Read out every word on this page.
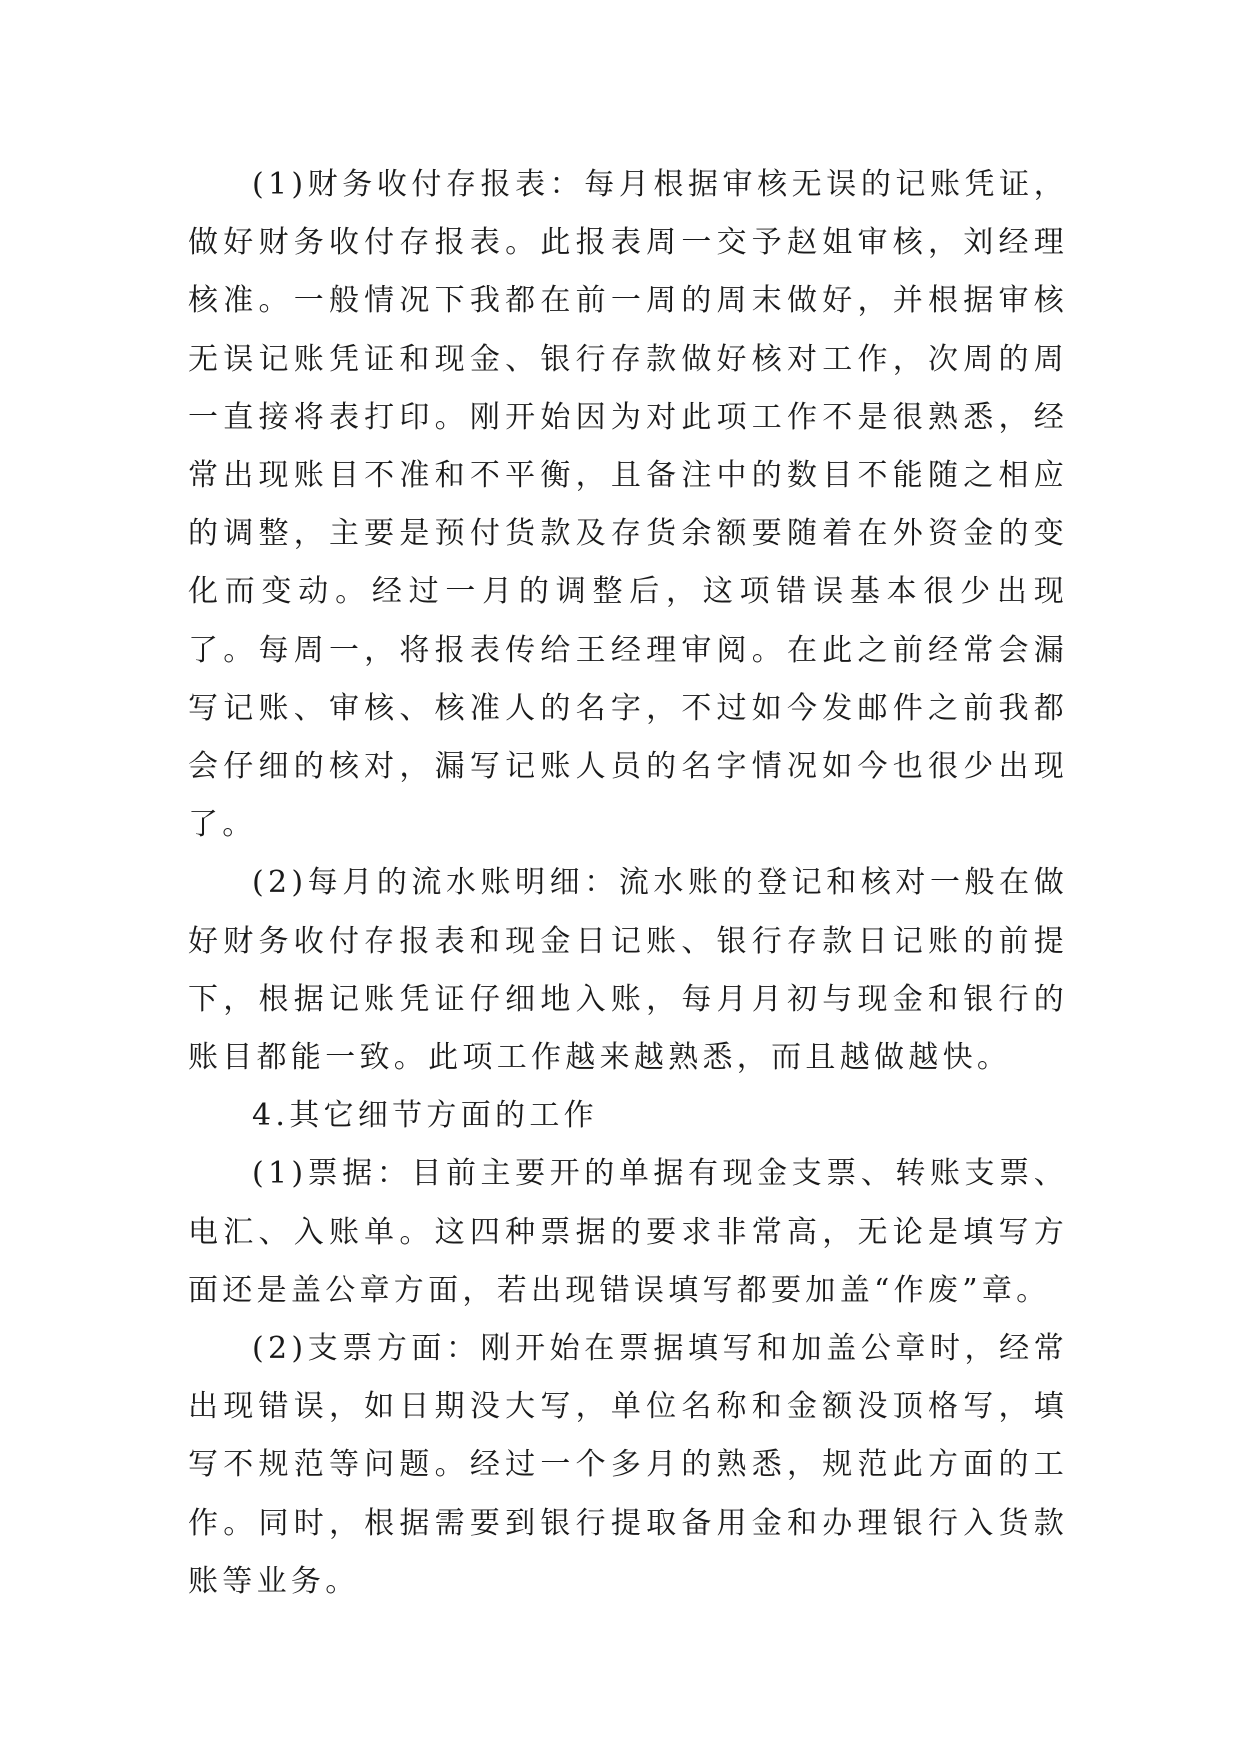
(1)财务收付存报表：每月根据审核无误的记账凭证，做好财务收付存报表。此报表周一交予赵姐审核，刘经理核准。一般情况下我都在前一周的周末做好，并根据审核无误记账凭证和现金、银行存款做好核对工作，次周的周一直接将表打印。刚开始因为对此项工作不是很熟悉，经常出现账目不准和不平衡，且备注中的数目不能随之相应的调整，主要是预付货款及存货余额要随着在外资金的变化而变动。经过一月的调整后，这项错误基本很少出现了。每周一，将报表传给王经理审阅。在此之前经常会漏写记账、审核、核准人的名字，不过如今发邮件之前我都会仔细的核对，漏写记账人员的名字情况如今也很少出现了。

(2)每月的流水账明细：流水账的登记和核对一般在做好财务收付存报表和现金日记账、银行存款日记账的前提下，根据记账凭证仔细地入账，每月月初与现金和银行的账目都能一致。此项工作越来越熟悉，而且越做越快。

4.其它细节方面的工作

(1)票据：目前主要开的单据有现金支票、转账支票、电汇、入账单。这四种票据的要求非常高，无论是填写方面还是盖公章方面，若出现错误填写都要加盖“作废”章。

(2)支票方面：刚开始在票据填写和加盖公章时，经常出现错误，如日期没大写，单位名称和金额没顶格写，填写不规范等问题。经过一个多月的熟悉，规范此方面的工作。同时，根据需要到银行提取备用金和办理银行入货款账等业务。
